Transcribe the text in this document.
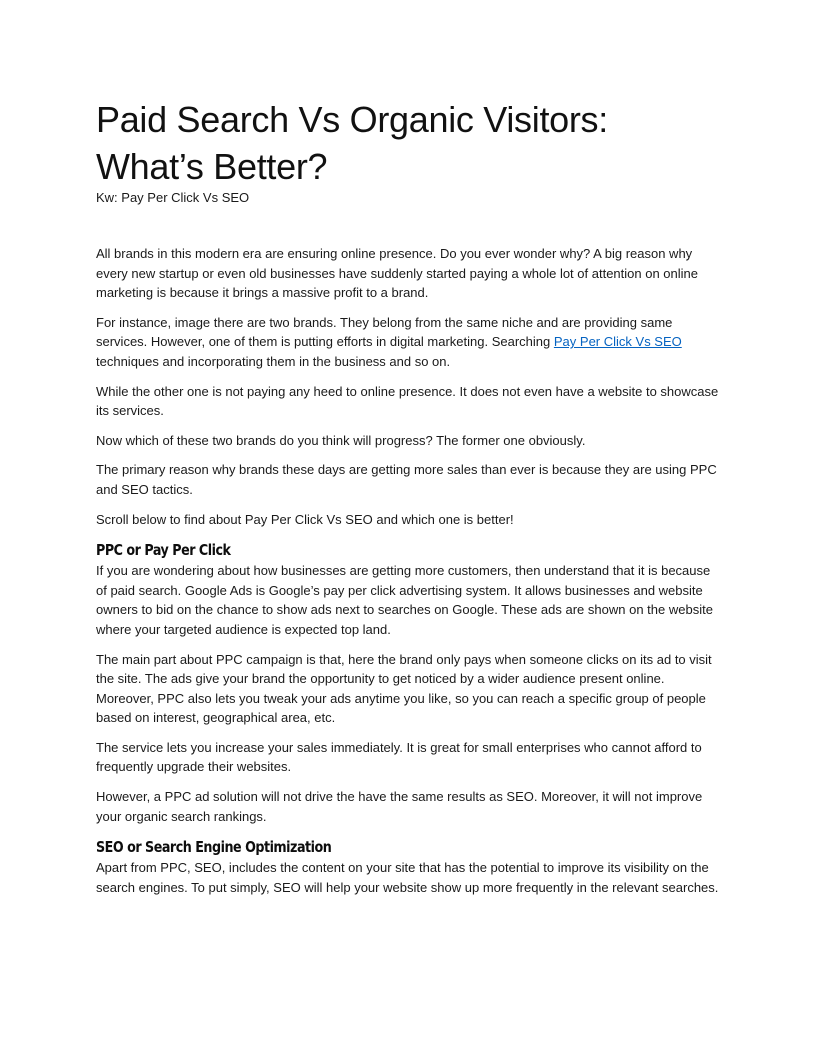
Paid Search Vs Organic Visitors: What’s Better?
Kw: Pay Per Click Vs SEO

All brands in this modern era are ensuring online presence. Do you ever wonder why? A big reason why every new startup or even old businesses have suddenly started paying a whole lot of attention on online marketing is because it brings a massive profit to a brand.

For instance, image there are two brands. They belong from the same niche and are providing same services. However, one of them is putting efforts in digital marketing. Searching Pay Per Click Vs SEO techniques and incorporating them in the business and so on.

While the other one is not paying any heed to online presence. It does not even have a website to showcase its services.

Now which of these two brands do you think will progress? The former one obviously.

The primary reason why brands these days are getting more sales than ever is because they are using PPC and SEO tactics.

Scroll below to find about Pay Per Click Vs SEO and which one is better!

PPC or Pay Per Click

If you are wondering about how businesses are getting more customers, then understand that it is because of paid search. Google Ads is Google’s pay per click advertising system. It allows businesses and website owners to bid on the chance to show ads next to searches on Google. These ads are shown on the website where your targeted audience is expected top land.

The main part about PPC campaign is that, here the brand only pays when someone clicks on its ad to visit the site. The ads give your brand the opportunity to get noticed by a wider audience present online. Moreover, PPC also lets you tweak your ads anytime you like, so you can reach a specific group of people based on interest, geographical area, etc.

The service lets you increase your sales immediately. It is great for small enterprises who cannot afford to frequently upgrade their websites.

However, a PPC ad solution will not drive the have the same results as SEO. Moreover, it will not improve your organic search rankings.

SEO or Search Engine Optimization

Apart from PPC, SEO, includes the content on your site that has the potential to improve its visibility on the search engines. To put simply, SEO will help your website show up more frequently in the relevant searches.
